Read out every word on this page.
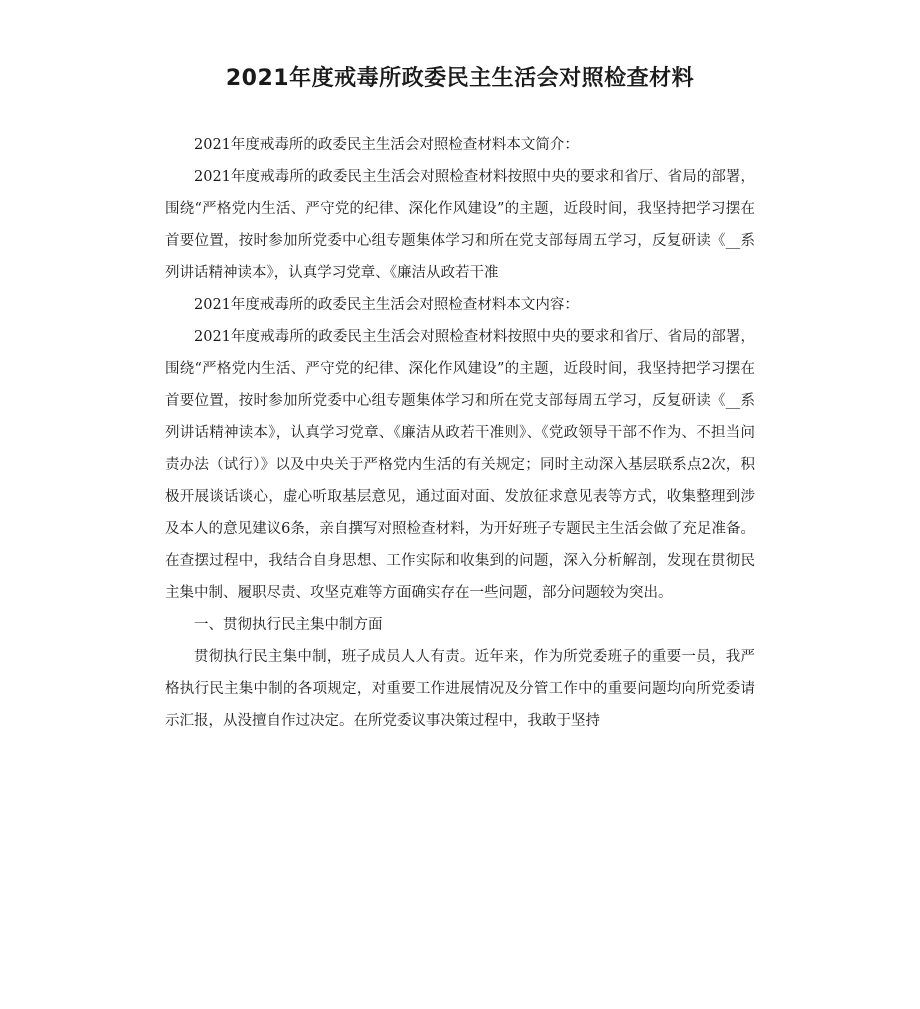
2021年度戒毒所政委民主生活会对照检查材料

2021年度戒毒所的政委民主生活会对照检查材料本文简介：

2021年度戒毒所的政委民主生活会对照检查材料按照中央的要求和省厅、省局的部署，围绕“严格党内生活、严守党的纪律、深化作风建设”的主题，近段时间，我坚持把学习摆在首要位置，按时参加所党委中心组专题集体学习和所在党支部每周五学习，反复研读《__系列讲话精神读本》，认真学习党章、《廉洁从政若干准

2021年度戒毒所的政委民主生活会对照检查材料本文内容：

2021年度戒毒所的政委民主生活会对照检查材料按照中央的要求和省厅、省局的部署，围绕“严格党内生活、严守党的纪律、深化作风建设”的主题，近段时间，我坚持把学习摆在首要位置，按时参加所党委中心组专题集体学习和所在党支部每周五学习，反复研读《__系列讲话精神读本》，认真学习党章、《廉洁从政若干准则》、《党政领导干部不作为、不担当问责办法（试行）》以及中央关于严格党内生活的有关规定；同时主动深入基层联系点2次，积极开展谈话谈心，虚心听取基层意见，通过面对面、发放征求意见表等方式，收集整理到涉及本人的意见建议6条，亲自撰写对照检查材料，为开好班子专题民主生活会做了充足准备。在查摆过程中，我结合自身思想、工作实际和收集到的问题，深入分析解剖，发现在贯彻民主集中制、履职尽责、攻坚克难等方面确实存在一些问题，部分问题较为突出。

一、贯彻执行民主集中制方面

贯彻执行民主集中制，班子成员人人有责。近年来，作为所党委班子的重要一员，我严格执行民主集中制的各项规定，对重要工作进展情况及分管工作中的重要问题均向所党委请示汇报，从没擅自作过决定。在所党委议事决策过程中，我敢于坚持
